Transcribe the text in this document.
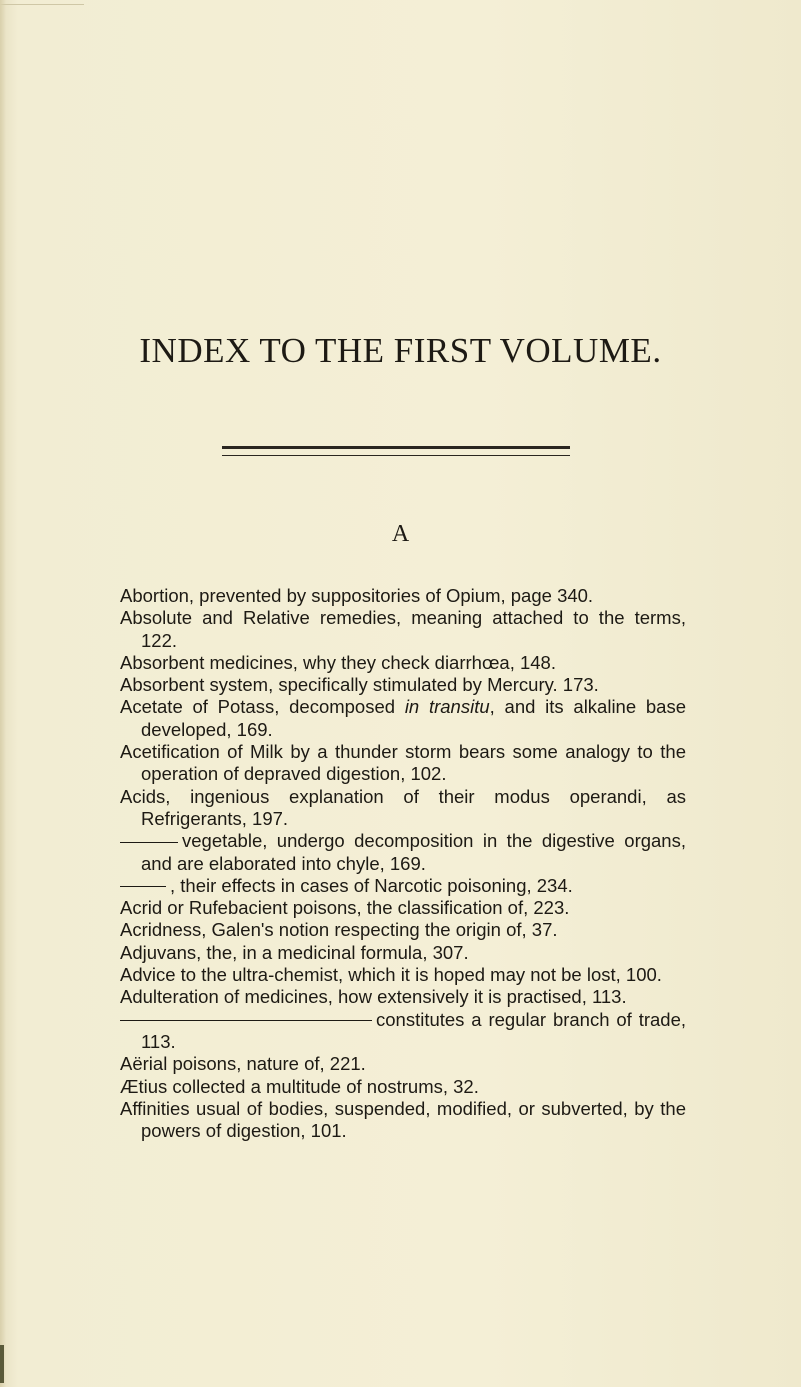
INDEX TO THE FIRST VOLUME.
A

Abortion, prevented by suppositories of Opium, page 340.

Absolute and Relative remedies, meaning attached to the terms, 122.

Absorbent medicines, why they check diarrhœa, 148.

Absorbent system, specifically stimulated by Mercury. 173.

Acetate of Potass, decomposed in transitu, and its alkaline base developed, 169.

Acetification of Milk by a thunder storm bears some analogy to the operation of depraved digestion, 102.

Acids, ingenious explanation of their modus operandi, as Refrigerants, 197.

vegetable, undergo decomposition in the digestive organs, and are elaborated into chyle, 169.

, their effects in cases of Narcotic poisoning, 234.

Acrid or Rufebacient poisons, the classification of, 223.

Acridness, Galen's notion respecting the origin of, 37.

Adjuvans, the, in a medicinal formula, 307.

Advice to the ultra-chemist, which it is hoped may not be lost, 100.

Adulteration of medicines, how extensively it is practised, 113.

constitutes a regular branch of trade, 113.

Aërial poisons, nature of, 221.

Ætius collected a multitude of nostrums, 32.

Affinities usual of bodies, suspended, modified, or subverted, by the powers of digestion, 101.
